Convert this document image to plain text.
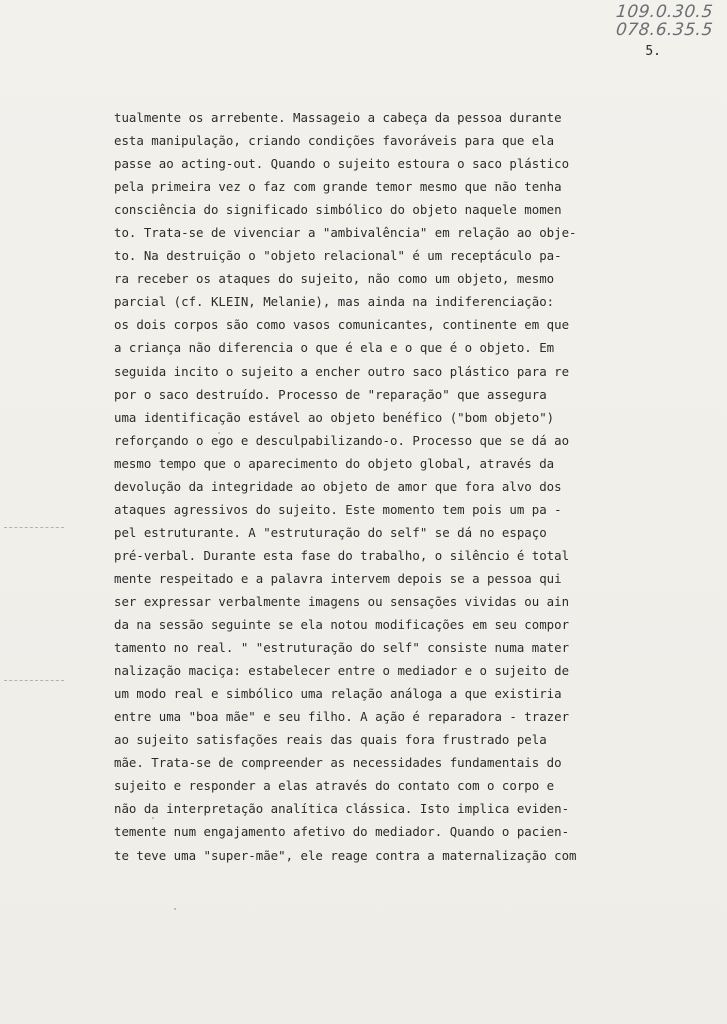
109.0.30.5
078.6.35.5
5.
tualmente os arrebente. Massageio a cabeça da pessoa durante
esta manipulação, criando condições favoráveis para que ela
passe ao acting-out. Quando o sujeito estoura o saco plástico
pela primeira vez o faz com grande temor mesmo que não tenha
consciência do significado simbólico do objeto naquele momen
to. Trata-se de vivenciar a "ambivalência" em relação ao obje-
to. Na destruição o "objeto relacional" é um receptáculo pa-
ra receber os ataques do sujeito, não como um objeto, mesmo
parcial (cf. KLEIN, Melanie), mas ainda na indiferenciação:
os dois corpos são como vasos comunicantes, continente em que
a criança não diferencia o que é ela e o que é o objeto. Em
seguida incito o sujeito a encher outro saco plástico para re
por o saco destruído. Processo de "reparação" que assegura
uma identificação estável ao objeto benéfico ("bom objeto")
reforçando o ego e desculpabilizando-o. Processo que se dá ao
mesmo tempo que o aparecimento do objeto global, através da
devolução da integridade ao objeto de amor que fora alvo dos
ataques agressivos do sujeito. Este momento tem pois um pa -
pel estruturante. A "estruturação do self" se dá no espaço
pré-verbal. Durante esta fase do trabalho, o silêncio é total
mente respeitado e a palavra intervem depois se a pessoa qui
ser expressar verbalmente imagens ou sensações vividas ou ain
da na sessão seguinte se ela notou modificações em seu compor
tamento no real. " "estruturação do self" consiste numa mater
nalização maciça: estabelecer entre o mediador e o sujeito de
um modo real e simbólico uma relação análoga a que existiria
entre uma "boa mãe" e seu filho. A ação é reparadora - trazer
ao sujeito satisfações reais das quais fora frustrado pela
mãe. Trata-se de compreender as necessidades fundamentais do
sujeito e responder a elas através do contato com o corpo e
não da interpretação analítica clássica. Isto implica eviden-
temente num engajamento afetivo do mediador. Quando o pacien-
te teve uma "super-mãe", ele reage contra a maternalização com
